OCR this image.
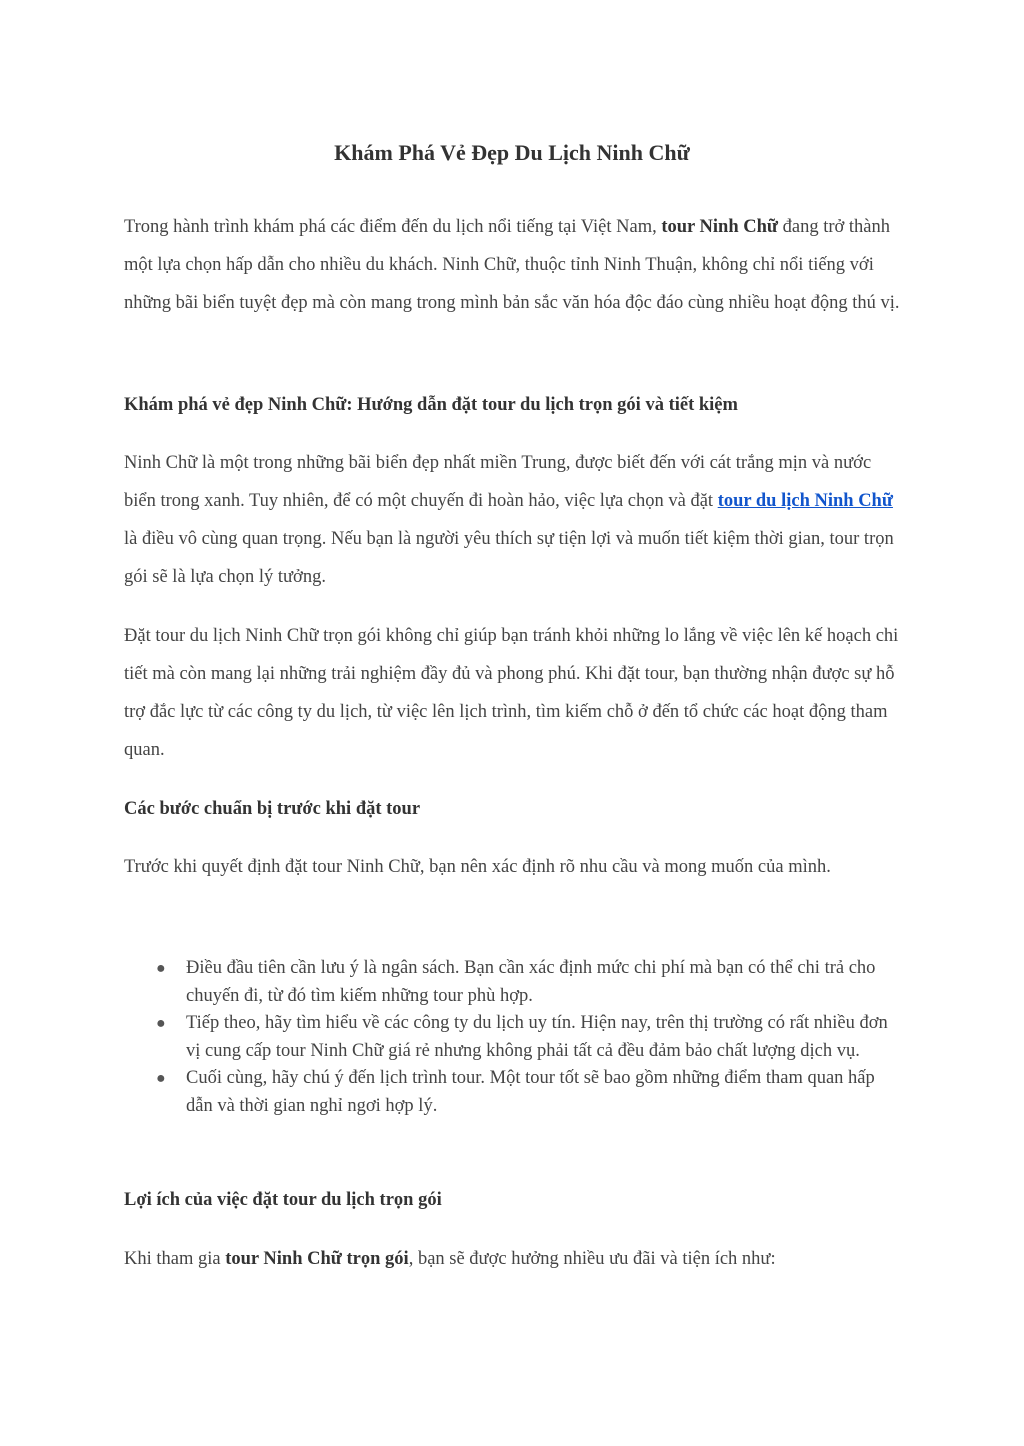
Khám Phá Vẻ Đẹp Du Lịch Ninh Chữ

Trong hành trình khám phá các điểm đến du lịch nổi tiếng tại Việt Nam, tour Ninh Chữ đang trở thành một lựa chọn hấp dẫn cho nhiều du khách. Ninh Chữ, thuộc tỉnh Ninh Thuận, không chỉ nổi tiếng với những bãi biển tuyệt đẹp mà còn mang trong mình bản sắc văn hóa độc đáo cùng nhiều hoạt động thú vị.

Khám phá vẻ đẹp Ninh Chữ: Hướng dẫn đặt tour du lịch trọn gói và tiết kiệm

Ninh Chữ là một trong những bãi biển đẹp nhất miền Trung, được biết đến với cát trắng mịn và nước biển trong xanh. Tuy nhiên, để có một chuyến đi hoàn hảo, việc lựa chọn và đặt tour du lịch Ninh Chữ là điều vô cùng quan trọng. Nếu bạn là người yêu thích sự tiện lợi và muốn tiết kiệm thời gian, tour trọn gói sẽ là lựa chọn lý tưởng.

Đặt tour du lịch Ninh Chữ trọn gói không chỉ giúp bạn tránh khỏi những lo lắng về việc lên kế hoạch chi tiết mà còn mang lại những trải nghiệm đầy đủ và phong phú. Khi đặt tour, bạn thường nhận được sự hỗ trợ đắc lực từ các công ty du lịch, từ việc lên lịch trình, tìm kiếm chỗ ở đến tổ chức các hoạt động tham quan.

Các bước chuẩn bị trước khi đặt tour

Trước khi quyết định đặt tour Ninh Chữ, bạn nên xác định rõ nhu cầu và mong muốn của mình.

● Điều đầu tiên cần lưu ý là ngân sách. Bạn cần xác định mức chi phí mà bạn có thể chi trả cho chuyến đi, từ đó tìm kiếm những tour phù hợp.
● Tiếp theo, hãy tìm hiểu về các công ty du lịch uy tín. Hiện nay, trên thị trường có rất nhiều đơn vị cung cấp tour Ninh Chữ giá rẻ nhưng không phải tất cả đều đảm bảo chất lượng dịch vụ.
● Cuối cùng, hãy chú ý đến lịch trình tour. Một tour tốt sẽ bao gồm những điểm tham quan hấp dẫn và thời gian nghỉ ngơi hợp lý.
Lợi ích của việc đặt tour du lịch trọn gói

Khi tham gia tour Ninh Chữ trọn gói, bạn sẽ được hưởng nhiều ưu đãi và tiện ích như:
